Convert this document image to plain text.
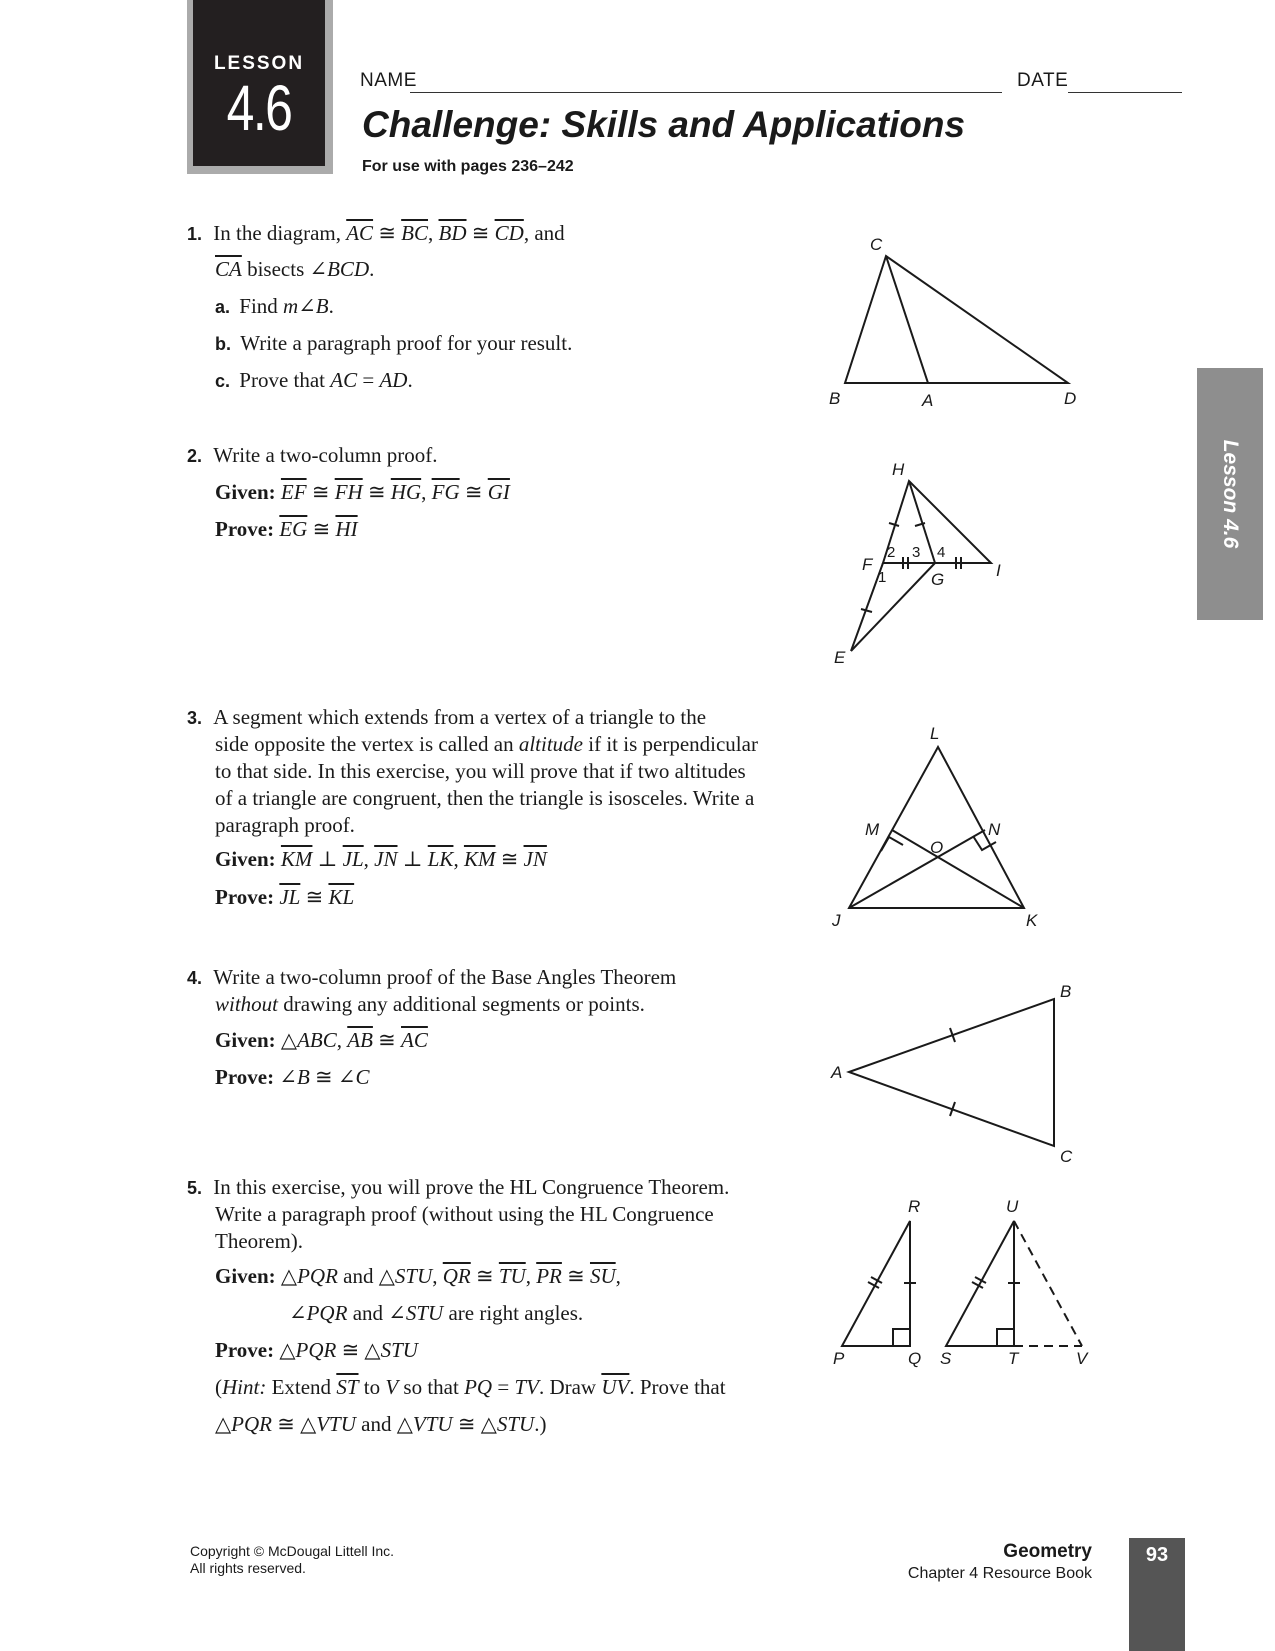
LESSON
4.6	NAME	DATE
Challenge: Skills and Applications
For use with pages 236–242
Lesson 4.6
1. In the diagram, $\overline{AC}$ ≅ $\overline{BC}$, $\overline{BD}$ ≅ $\overline{CD}$, and
$\overline{CA}$ bisects ∠BCD.
a. Find m∠B.
b. Write a paragraph proof for your result.
c. Prove that AC = AD.
2. Write a two-column proof.
Given: $\overline{EF}$ ≅ $\overline{FH}$ ≅ $\overline{HG}$, $\overline{FG}$ ≅ $\overline{GI}$
Prove: $\overline{EG}$ ≅ $\overline{HI}$
3. A segment which extends from a vertex of a triangle to the
side opposite the vertex is called an altitude if it is perpendicular
to that side. In this exercise, you will prove that if two altitudes
of a triangle are congruent, then the triangle is isosceles. Write a
paragraph proof.
Given: $\overline{KM}$ ⊥ $\overline{JL}$, $\overline{JN}$ ⊥ $\overline{LK}$, $\overline{KM}$ ≅ $\overline{JN}$
Prove: $\overline{JL}$ ≅ $\overline{KL}$
4. Write a two-column proof of the Base Angles Theorem
without drawing any additional segments or points.
Given: △ABC, $\overline{AB}$ ≅ $\overline{AC}$
Prove: ∠B ≅ ∠C
5. In this exercise, you will prove the HL Congruence Theorem.
Write a paragraph proof (without using the HL Congruence
Theorem).
Given: △PQR and △STU, $\overline{QR}$ ≅ $\overline{TU}$, $\overline{PR}$ ≅ $\overline{SU}$,
∠PQR and ∠STU are right angles.
Prove: △PQR ≅ △STU
(Hint: Extend $\overline{ST}$ to V so that PQ = TV. Draw $\overline{UV}$. Prove that
△PQR ≅ △VTU and △VTU ≅ △STU.)
C
B	A	D
H
F
G	I
E
1
2 3 4
L
M	N
O
J	K
B
A
C
R	U
P	Q S	T	V
Copyright © McDougal Littell Inc.
All rights reserved.
Geometry
Chapter 4 Resource Book
93
